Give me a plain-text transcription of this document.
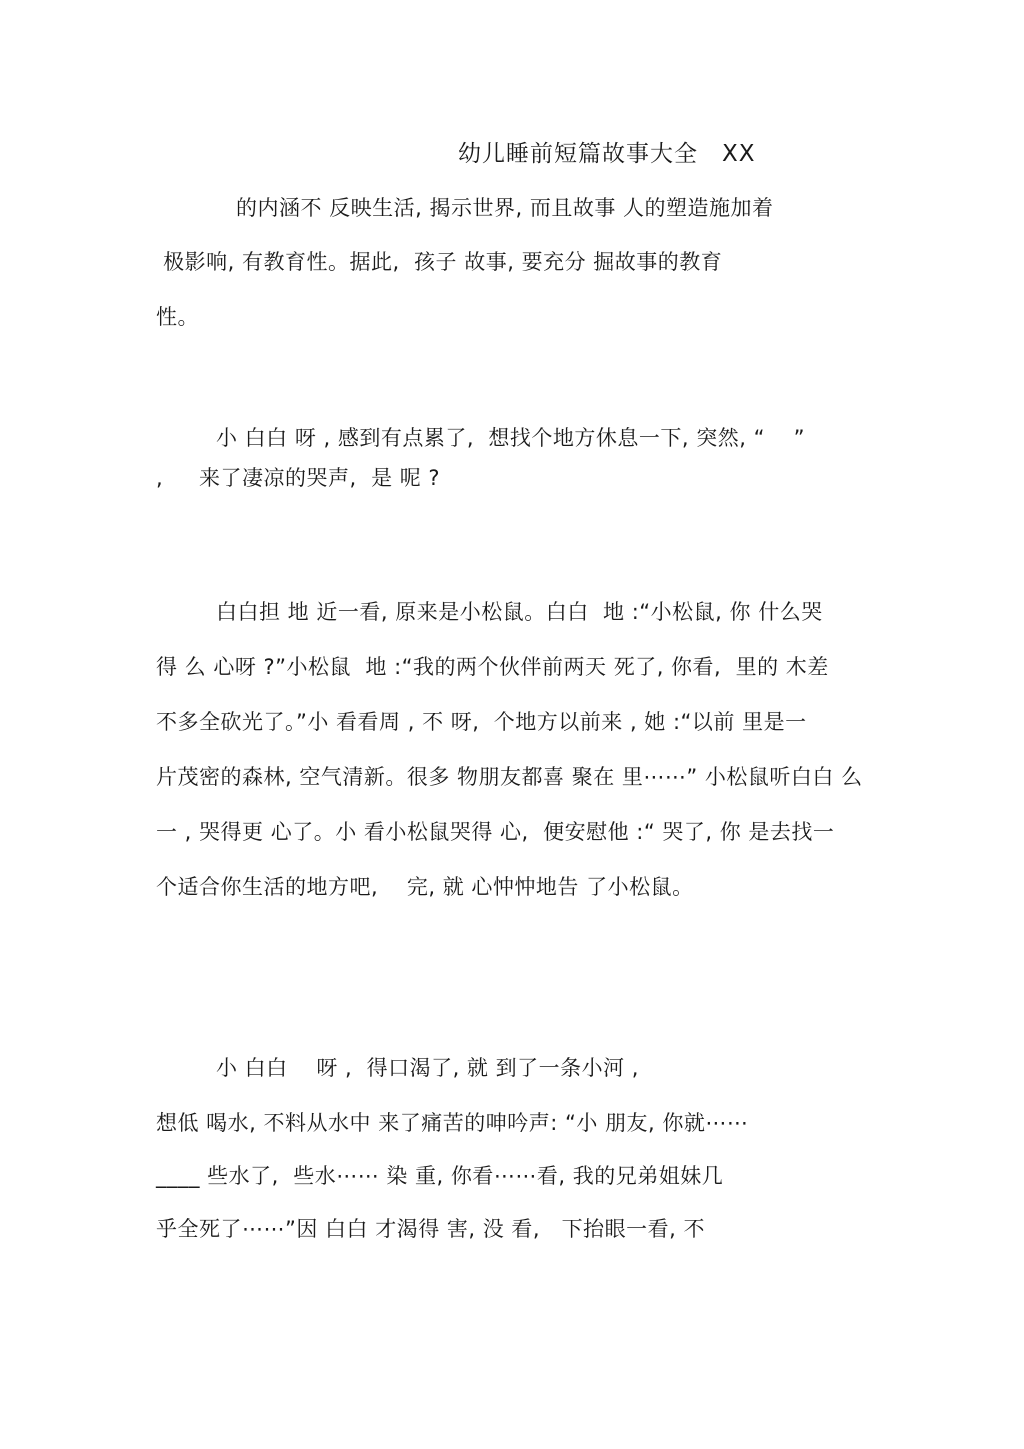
幼儿睡前短篇故事大全　XX
的内涵不 反映生活, 揭示世界, 而且故事 人的塑造施加着
极影响, 有教育性。据此,  孩子 故事, 要充分 掘故事的教育
性。
小 白白 呀 , 感到有点累了,  想找个地方休息一下, 突然, “    ”
,     来了凄凉的哭声,  是 呢 ?
白白担 地 近一看, 原来是小松鼠。白白  地 :“小松鼠, 你 什么哭
得 么 心呀 ?”小松鼠  地 :“我的两个伙伴前两天 死了, 你看,  里的 木差
不多全砍光了。”小 看看周 , 不 呀,  个地方以前来 , 她 :“以前 里是一
片茂密的森林, 空气清新。很多 物朋友都喜 聚在 里⋯⋯” 小松鼠听白白 么
一 , 哭得更 心了。小 看小松鼠哭得 心,  便安慰他 :“ 哭了, 你 是去找一
个适合你生活的地方吧,    完, 就 心忡忡地告 了小松鼠。
小 白白    呀 ,  得口渴了, 就 到了一条小河 ,
想低 喝水, 不料从水中 来了痛苦的呻吟声: “小 朋友, 你就⋯⋯
____ 些水了,  些水⋯⋯ 染 重, 你看⋯⋯看, 我的兄弟姐妹几
乎全死了⋯⋯”因 白白 才渴得 害, 没 看,   下抬眼一看, 不
